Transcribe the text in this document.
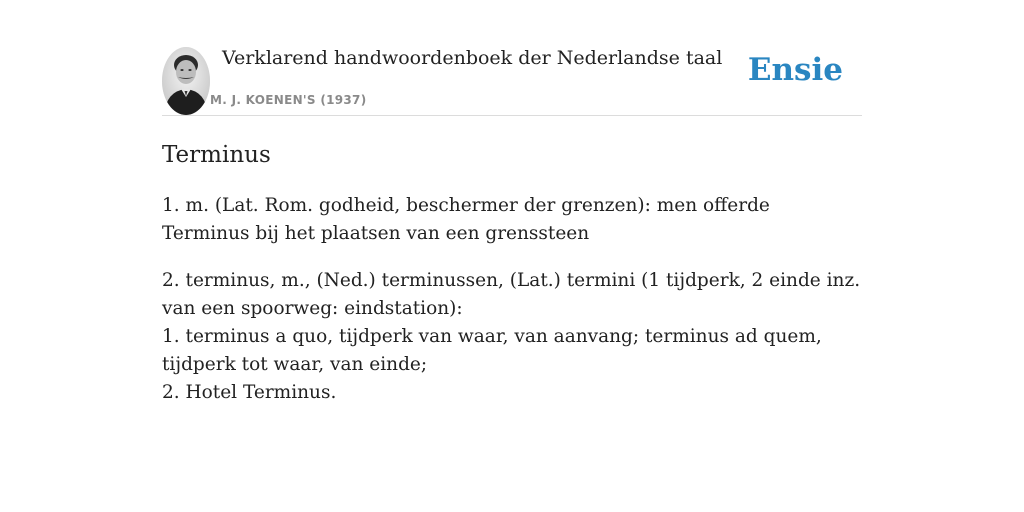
Verklarend handwoordenboek der Nederlandse taal
M. J. KOENEN'S (1937)
Ensie
Terminus

1. m. (Lat. Rom. godheid, beschermer der grenzen): men offerde Terminus bij het plaatsen van een grenssteen

2. terminus, m., (Ned.) terminussen, (Lat.) termini (1 tijdperk, 2 einde inz. van een spoorweg: eindstation):

1. terminus a quo, tijdperk van waar, van aanvang; terminus ad quem, tijdperk tot waar, van einde;

2. Hotel Terminus.
